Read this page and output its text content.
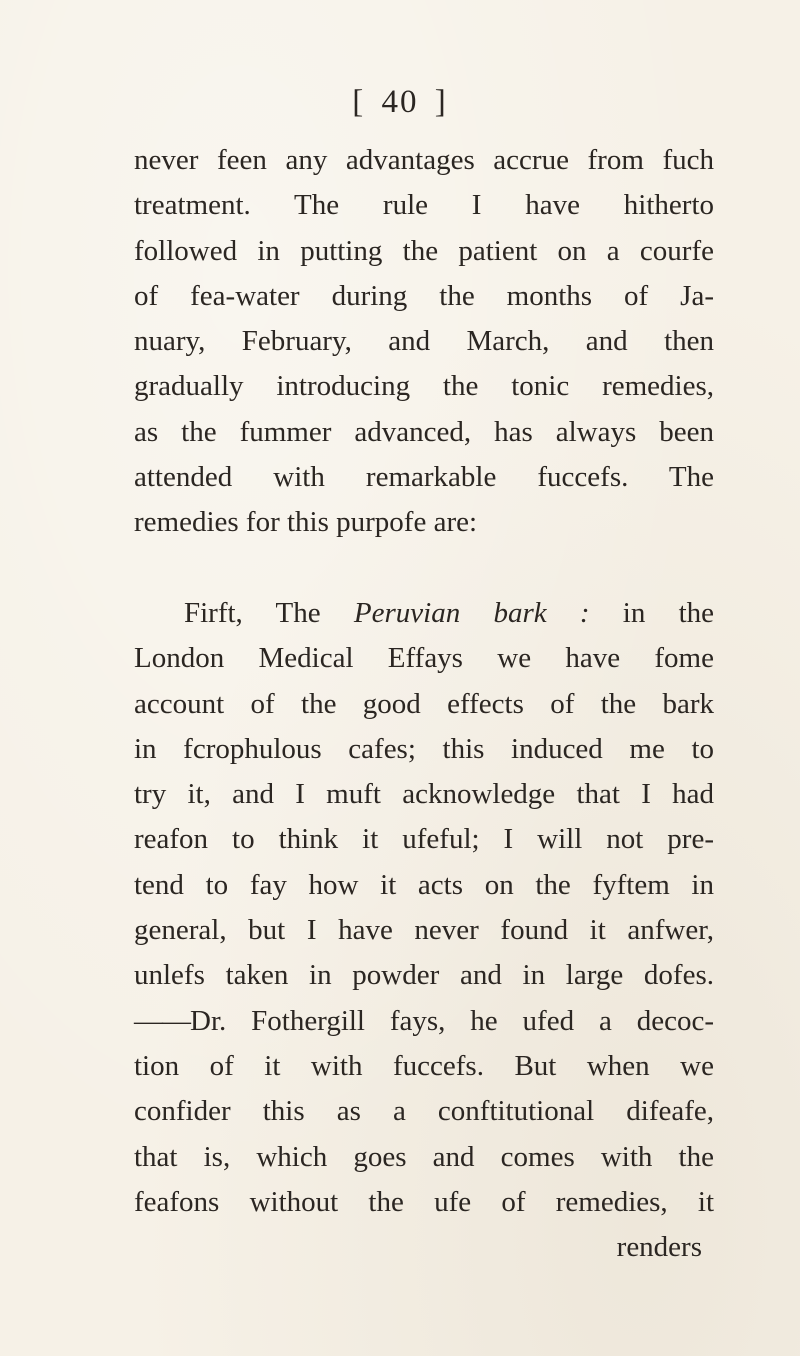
[ 40 ]
never feen any advantages accrue from fuch
treatment. The rule I have hitherto
followed in putting the patient on a courfe
of fea-water during the months of Ja-
nuary, February, and March, and then
gradually introducing the tonic remedies,
as the fummer advanced, has always been
attended with remarkable fuccefs. The
remedies for this purpofe are:
Firft, The Peruvian bark : in the
London Medical Effays we have fome
account of the good effects of the bark
in fcrophulous cafes; this induced me to
try it, and I muft acknowledge that I had
reafon to think it ufeful; I will not pre-
tend to fay how it acts on the fyftem in
general, but I have never found it anfwer,
unlefs taken in powder and in large dofes.
——Dr. Fothergill fays, he ufed a decoc-
tion of it with fuccefs. But when we
confider this as a conftitutional difeafe,
that is, which goes and comes with the
feafons without the ufe of remedies, it
renders
